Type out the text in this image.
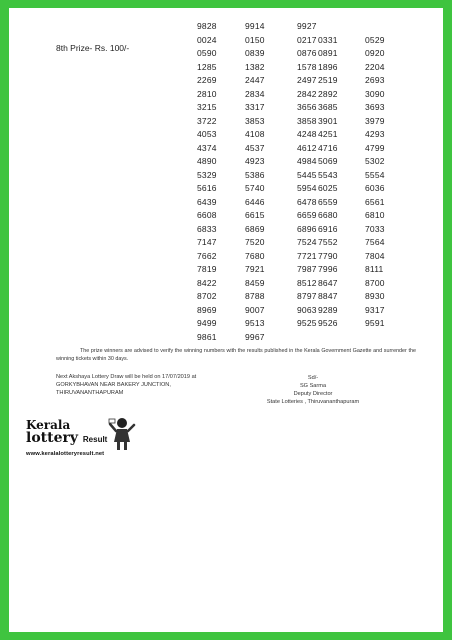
8th Prize- Rs. 100/-
9828	9914	9927
0024	0150	0217 0331	0529
0590	0839	0876 0891	0920
1285	1382	1578 1896	2204
2269	2447	2497 2519	2693
2810	2834	2842 2892	3090
3215	3317	3656 3685	3693
3722	3853	3858 3901	3979
4053	4108	4248 4251	4293
4374	4537	4612 4716	4799
4890	4923	4984 5069	5302
5329	5386	5445 5543	5554
5616	5740	5954 6025	6036
6439	6446	6478 6559	6561
6608	6615	6659 6680	6810
6833	6869	6896 6916	7033
7147	7520	7524 7552	7564
7662	7680	7721 7790	7804
7819	7921	7987 7996	8111
8422	8459	8512 8647	8700
8702	8788	8797 8847	8930
8969	9007	9063 9289	9317
9499	9513	9525 9526	9591
9861	9967
The prize winners are advised to verify the winning numbers with the results published in the Kerala Government Gazette and surrender the winning tickets within 30 days.
Next Akshaya Lottery Draw will be held on 17/07/2019 at
GORKYBHAVAN NEAR BAKERY JUNCTION,
THIRUVANANTHAPURAM
Sd/-
SG Sarma
Deputy Director
State Lotteries , Thiruvananthapuram
Kerala
lottery Result
www.keralalotteryresult.net
